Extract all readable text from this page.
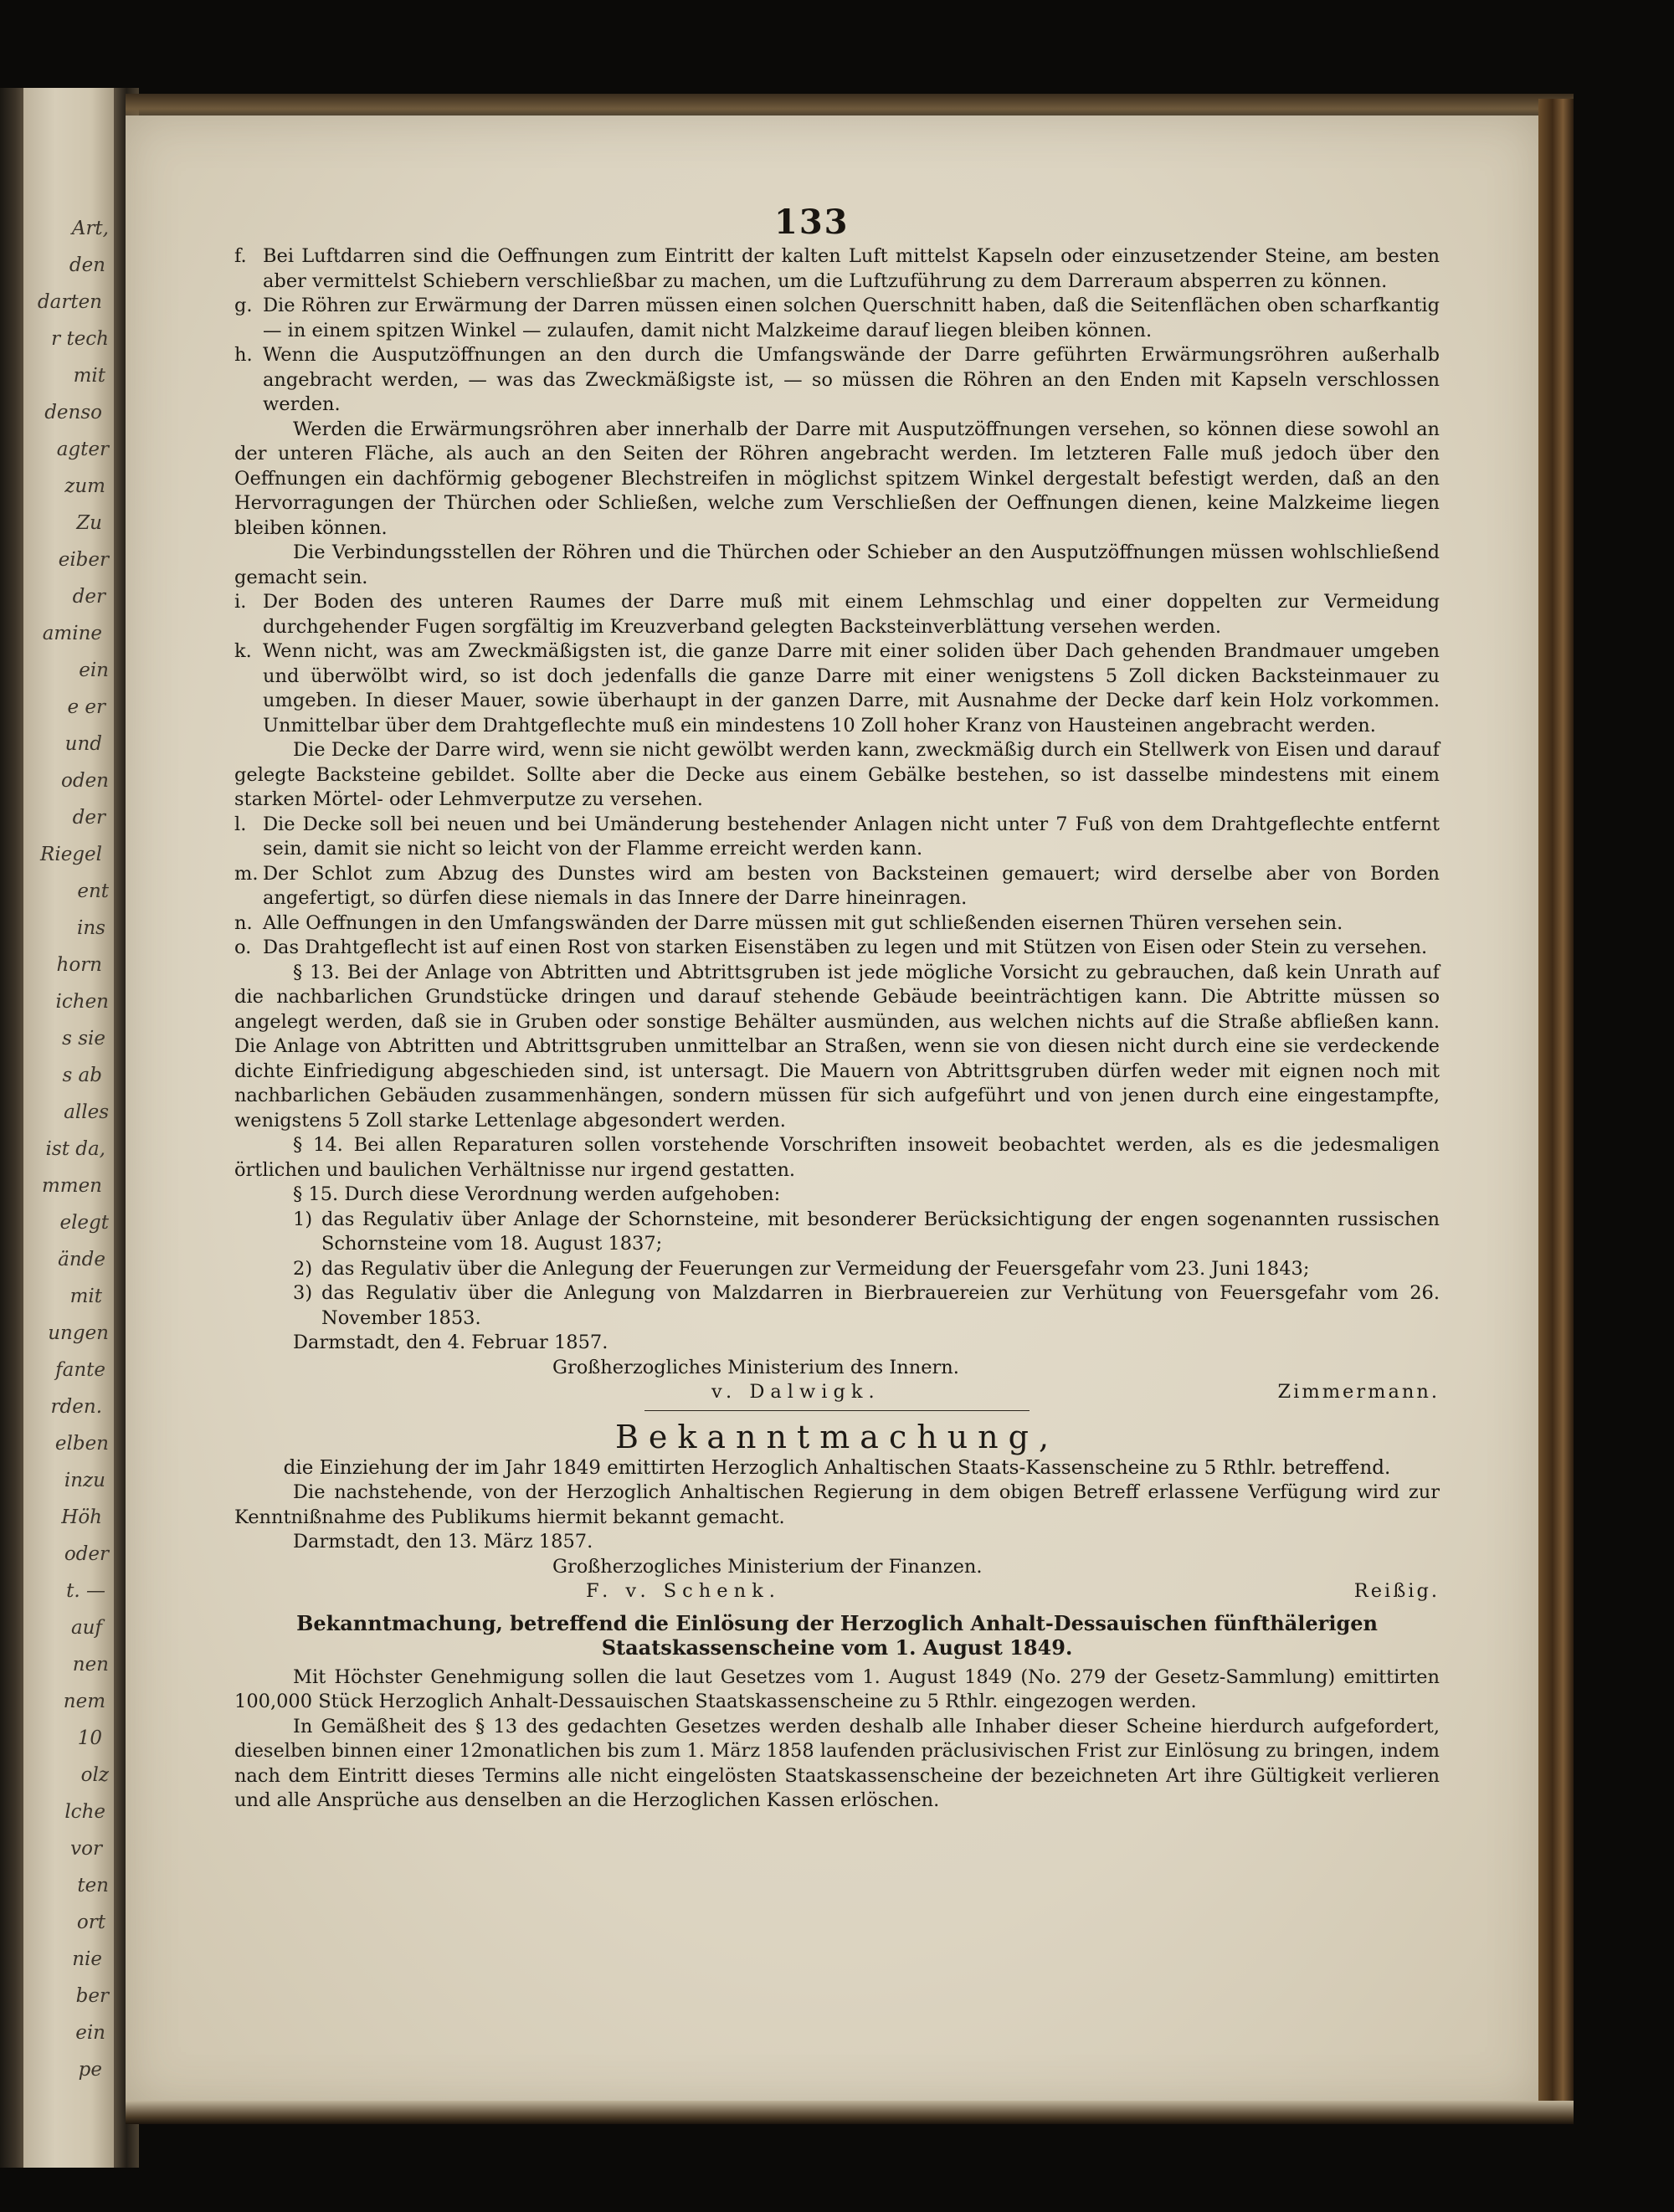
Art,
den
darten
r tech
mit
denso
agter
zum
Zu
eiber
der
amine
ein
e er
und
oden
der
Riegel
ent
ins
horn
ichen
s sie
s ab
alles
ist da,
mmen
elegt
ände
mit
ungen
fante
rden.
elben
inzu
Höh
oder
t. —
auf
nen
nem
10
olz
lche
vor
ten
ort
nie
ber
ein
pe
133

f. Bei Luftdarren sind die Oeffnungen zum Eintritt der kalten Luft mittelst Kapseln oder einzusetzender Steine, am besten aber vermittelst Schiebern verschließbar zu machen, um die Luftzuführung zu dem Darreraum absperren zu können.

g. Die Röhren zur Erwärmung der Darren müssen einen solchen Querschnitt haben, daß die Seitenflächen oben scharfkantig — in einem spitzen Winkel — zulaufen, damit nicht Malzkeime darauf liegen bleiben können.

h. Wenn die Ausputzöffnungen an den durch die Umfangswände der Darre geführten Erwärmungsröhren außerhalb angebracht werden, — was das Zweckmäßigste ist, — so müssen die Röhren an den Enden mit Kapseln verschlossen werden.

Werden die Erwärmungsröhren aber innerhalb der Darre mit Ausputzöffnungen versehen, so können diese sowohl an der unteren Fläche, als auch an den Seiten der Röhren angebracht werden. Im letzteren Falle muß jedoch über den Oeffnungen ein dachförmig gebogener Blechstreifen in möglichst spitzem Winkel dergestalt befestigt werden, daß an den Hervorragungen der Thürchen oder Schließen, welche zum Verschließen der Oeffnungen dienen, keine Malzkeime liegen bleiben können.

Die Verbindungsstellen der Röhren und die Thürchen oder Schieber an den Ausputzöffnungen müssen wohlschließend gemacht sein.

i. Der Boden des unteren Raumes der Darre muß mit einem Lehmschlag und einer doppelten zur Vermeidung durchgehender Fugen sorgfältig im Kreuzverband gelegten Backsteinverblättung versehen werden.

k. Wenn nicht, was am Zweckmäßigsten ist, die ganze Darre mit einer soliden über Dach gehenden Brandmauer umgeben und überwölbt wird, so ist doch jedenfalls die ganze Darre mit einer wenigstens 5 Zoll dicken Backsteinmauer zu umgeben. In dieser Mauer, sowie überhaupt in der ganzen Darre, mit Ausnahme der Decke darf kein Holz vorkommen. Unmittelbar über dem Drahtgeflechte muß ein mindestens 10 Zoll hoher Kranz von Hausteinen angebracht werden.

Die Decke der Darre wird, wenn sie nicht gewölbt werden kann, zweckmäßig durch ein Stellwerk von Eisen und darauf gelegte Backsteine gebildet. Sollte aber die Decke aus einem Gebälke bestehen, so ist dasselbe mindestens mit einem starken Mörtel- oder Lehmverputze zu versehen.

l. Die Decke soll bei neuen und bei Umänderung bestehender Anlagen nicht unter 7 Fuß von dem Drahtgeflechte entfernt sein, damit sie nicht so leicht von der Flamme erreicht werden kann.

m. Der Schlot zum Abzug des Dunstes wird am besten von Backsteinen gemauert; wird derselbe aber von Borden angefertigt, so dürfen diese niemals in das Innere der Darre hineinragen.

n. Alle Oeffnungen in den Umfangswänden der Darre müssen mit gut schließenden eisernen Thüren versehen sein.

o. Das Drahtgeflecht ist auf einen Rost von starken Eisenstäben zu legen und mit Stützen von Eisen oder Stein zu versehen.

§ 13. Bei der Anlage von Abtritten und Abtrittsgruben ist jede mögliche Vorsicht zu gebrauchen, daß kein Unrath auf die nachbarlichen Grundstücke dringen und darauf stehende Gebäude beeinträchtigen kann. Die Abtritte müssen so angelegt werden, daß sie in Gruben oder sonstige Behälter ausmünden, aus welchen nichts auf die Straße abfließen kann. Die Anlage von Abtritten und Abtrittsgruben unmittelbar an Straßen, wenn sie von diesen nicht durch eine sie verdeckende dichte Einfriedigung abgeschieden sind, ist untersagt. Die Mauern von Abtrittsgruben dürfen weder mit eignen noch mit nachbarlichen Gebäuden zusammenhängen, sondern müssen für sich aufgeführt und von jenen durch eine eingestampfte, wenigstens 5 Zoll starke Lettenlage abgesondert werden.

§ 14. Bei allen Reparaturen sollen vorstehende Vorschriften insoweit beobachtet werden, als es die jedesmaligen örtlichen und baulichen Verhältnisse nur irgend gestatten.

§ 15. Durch diese Verordnung werden aufgehoben:

1) das Regulativ über Anlage der Schornsteine, mit besonderer Berücksichtigung der engen sogenannten russischen Schornsteine vom 18. August 1837;

2) das Regulativ über die Anlegung der Feuerungen zur Vermeidung der Feuersgefahr vom 23. Juni 1843;

3) das Regulativ über die Anlegung von Malzdarren in Bierbrauereien zur Verhütung von Feuersgefahr vom 26. November 1853.

Darmstadt, den 4. Februar 1857.

Großherzogliches Ministerium des Innern.

v. Dalwigk.	Zimmermann.

Bekanntmachung,

die Einziehung der im Jahr 1849 emittirten Herzoglich Anhaltischen Staats-Kassenscheine zu 5 Rthlr. betreffend.

Die nachstehende, von der Herzoglich Anhaltischen Regierung in dem obigen Betreff erlassene Verfügung wird zur Kenntnißnahme des Publikums hiermit bekannt gemacht.

Darmstadt, den 13. März 1857.

Großherzogliches Ministerium der Finanzen.

F. v. Schenk.	Reißig.

Bekanntmachung, betreffend die Einlösung der Herzoglich Anhalt-Dessauischen fünfthälerigen Staatskassenscheine vom 1. August 1849.

Mit Höchster Genehmigung sollen die laut Gesetzes vom 1. August 1849 (No. 279 der Gesetz-Sammlung) emittirten 100,000 Stück Herzoglich Anhalt-Dessauischen Staatskassenscheine zu 5 Rthlr. eingezogen werden.

In Gemäßheit des § 13 des gedachten Gesetzes werden deshalb alle Inhaber dieser Scheine hierdurch aufgefordert, dieselben binnen einer 12monatlichen bis zum 1. März 1858 laufenden präclusivischen Frist zur Einlösung zu bringen, indem nach dem Eintritt dieses Termins alle nicht eingelösten Staatskassenscheine der bezeichneten Art ihre Gültigkeit verlieren und alle Ansprüche aus denselben an die Herzoglichen Kassen erlöschen.
